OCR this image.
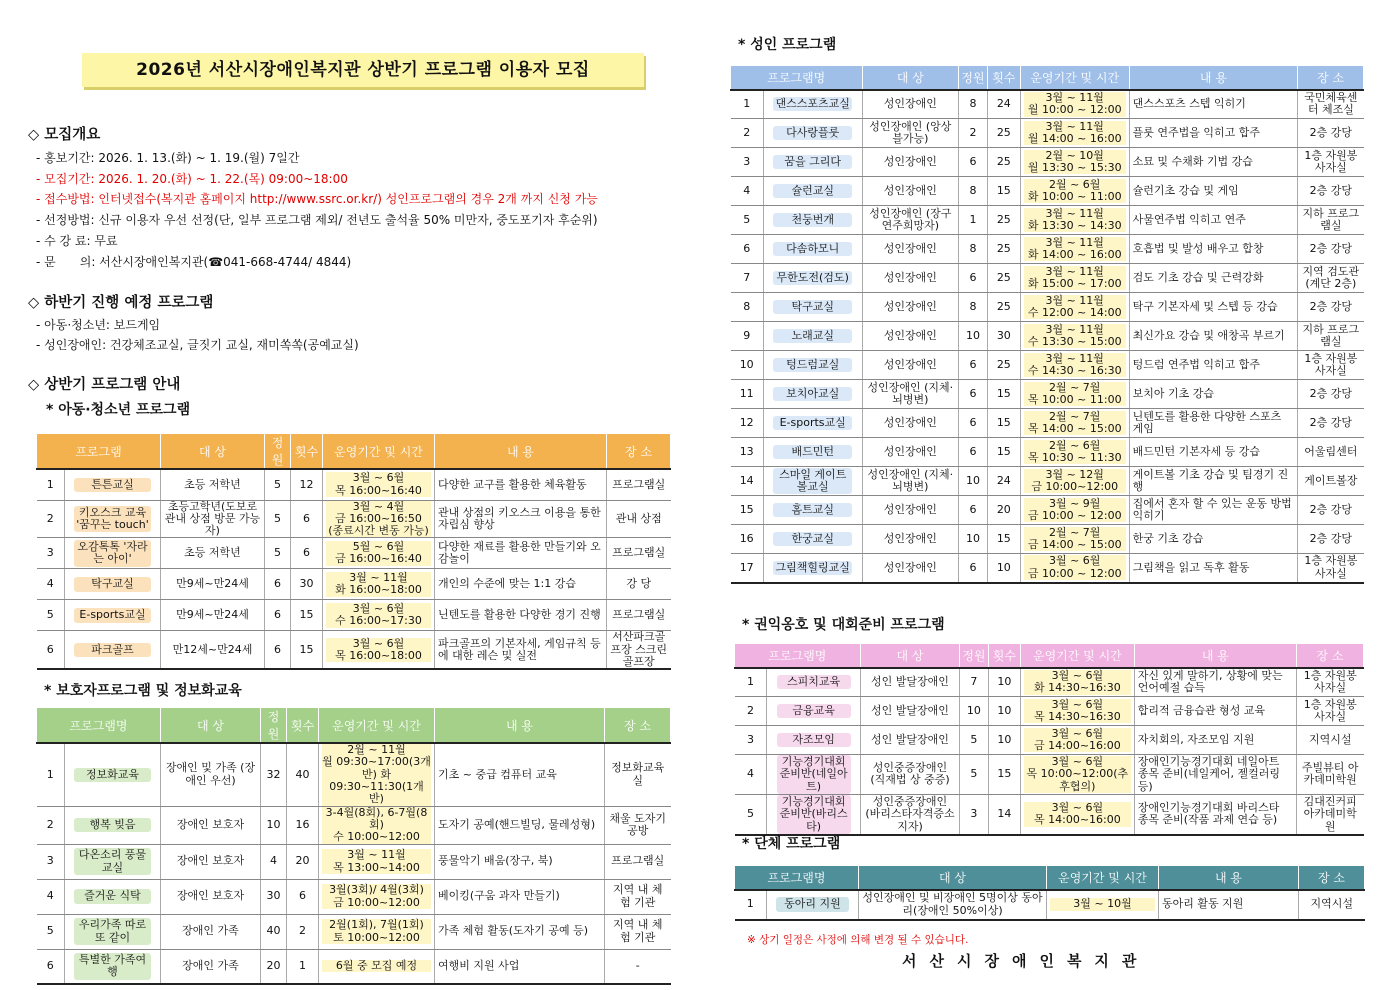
2026년 서산시장애인복지관 상반기 프로그램 이용자 모집
◇ 모집개요
- 홍보기간: 2026. 1. 13.(화) ~ 1. 19.(월) 7일간
- 모집기간: 2026. 1. 20.(화) ~ 1. 22.(목) 09:00~18:00
- 접수방법: 인터넷접수(복지관 홈페이지 http://www.ssrc.or.kr/) 성인프로그램의 경우 2개 까지 신청 가능
- 선정방법: 신규 이용자 우선 선정(단, 일부 프로그램 제외/ 전년도 출석율 50% 미만자, 중도포기자 후순위)
- 수 강 료: 무료
- 문　　의: 서산시장애인복지관(☎041-668-4744/ 4844)
◇ 하반기 진행 예정 프로그램
- 아동·청소년: 보드게임
- 성인장애인: 건강체조교실, 글짓기 교실, 재미쏙쏙(공예교실)
◇ 상반기 프로그램 안내
* 아동·청소년 프로그램
프로그램		대 상	정원	횟수	운영기간 및 시간	내 용	장 소
1	튼튼교실	초등 저학년	5	12	3월 ~ 6월
목 16:00~16:40	다양한 교구를 활용한 체육활동	프로그램실
2	키오스크 교육 '꿈꾸는 touch'	초등고학년(도보로 관내 상점 방문 가능자)	5	6	3월 ~ 4월
금 16:00~16:50 (종료시간 변동 가능)	관내 상점의 키오스크 이용을 통한 자립심 향상	관내 상점
3	오감톡톡 '자라는 아이'	초등 저학년	5	6	5월 ~ 6월
금 16:00~16:40	다양한 재료를 활용한 만들기와 오감놀이	프로그램실
4	탁구교실	만9세~만24세	6	30	3월 ~ 11월
화 16:00~18:00	개인의 수준에 맞는 1:1 강습	강 당
5	E-sports교실	만9세~만24세	6	15	3월 ~ 6월
수 16:00~17:30	닌텐도를 활용한 다양한 경기 진행	프로그램실
6	파크골프	만12세~만24세	6	15	3월 ~ 6월
목 16:00~18:00	파크골프의 기본자세, 게임규칙 등에 대한 레슨 및 실전	서산파크골프장 스크린골프장
* 보호자프로그램 및 정보화교육
프로그램명		대 상	정원	횟수	운영기간 및 시간	내 용	장 소
1	정보화교육	장애인 및 가족 (장애인 우선)	32	40	2월 ~ 11월
월 09:30~17:00(3개반) 화 09:30~11:30(1개반)	기초 ~ 중급 컴퓨터 교육	정보화교육실
2	행복 빚음	장애인 보호자	10	16	3-4월(8회), 6-7월(8회)
수 10:00~12:00	도자기 공예(핸드빌딩, 물레성형)	채울 도자기공방
3	다온소리 풍물교실	장애인 보호자	4	20	3월 ~ 11월
목 13:00~14:00	풍물악기 배움(장구, 북)	프로그램실
4	즐거운 식탁	장애인 보호자	30	6	3월(3회)/ 4월(3회)
금 10:00~12:00	베이킹(구움 과자 만들기)	지역 내 체험 기관
5	우리가족 따로 또 같이	장애인 가족	40	2	2월(1회), 7월(1회)
토 10:00~12:00	가족 체험 활동(도자기 공예 등)	지역 내 체험 기관
6	특별한 가족여행	장애인 가족	20	1	6월 중 모집 예정	여행비 지원 사업	-
* 성인 프로그램
프로그램명		대 상	정원	횟수	운영기간 및 시간	내 용	장 소
1	댄스스포츠교실	성인장애인	8	24	3월 ~ 11월
월 10:00 ~ 12:00	댄스스포츠 스텝 익히기	국민체육센터 체조실
2	다사랑플룻	성인장애인 (앙상블가능)	2	25	3월 ~ 11월
월 14:00 ~ 16:00	플룻 연주법을 익히고 합주	2층 강당
3	꿈을 그리다	성인장애인	6	25	2월 ~ 10월
월 13:30 ~ 15:30	소묘 및 수채화 기법 강습	1층 자원봉사자실
4	슐런교실	성인장애인	8	15	2월 ~ 6월
화 10:00 ~ 11:00	슐런기초 강습 및 게임	2층 강당
5	천둥번개	성인장애인 (장구연주희망자)	1	25	3월 ~ 11월
화 13:30 ~ 14:30	사물연주법 익히고 연주	지하 프로그램실
6	다솜하모니	성인장애인	8	25	3월 ~ 11월
화 14:00 ~ 16:00	호흡법 및 발성 배우고 합창	2층 강당
7	무한도전(검도)	성인장애인	6	25	3월 ~ 11월
화 15:00 ~ 17:00	검도 기초 강습 및 근력강화	지역 검도관 (계단 2층)
8	탁구교실	성인장애인	8	25	3월 ~ 11월
수 12:00 ~ 14:00	탁구 기본자세 및 스텝 등 강습	2층 강당
9	노래교실	성인장애인	10	30	3월 ~ 11월
수 13:30 ~ 15:00	최신가요 강습 및 애창곡 부르기	지하 프로그램실
10	텅드럼교실	성인장애인	6	25	3월 ~ 11월
수 14:30 ~ 16:30	텅드럼 연주법 익히고 합주	1층 자원봉사자실
11	보치아교실	성인장애인 (지체·뇌병변)	6	15	2월 ~ 7월
목 10:00 ~ 11:00	보치아 기초 강습	2층 강당
12	E-sports교실	성인장애인	6	15	2월 ~ 7월
목 14:00 ~ 15:00	닌텐도를 활용한 다양한 스포츠 게임	2층 강당
13	배드민턴	성인장애인	6	15	2월 ~ 6월
목 10:30 ~ 11:30	배드민턴 기본자세 등 강습	어울림센터
14	스마일 게이트볼교실	성인장애인 (지체·뇌병변)	10	24	3월 ~ 12월
금 10:00~12:00	게이트볼 기초 강습 및 팀경기 진행	게이트볼장
15	홈트교실	성인장애인	6	20	3월 ~ 9월
금 10:00 ~ 12:00	집에서 혼자 할 수 있는 운동 방법 익히기	2층 강당
16	한궁교실	성인장애인	10	15	2월 ~ 7월
금 14:00 ~ 15:00	한궁 기초 강습	2층 강당
17	그림책힐링교실	성인장애인	6	10	3월 ~ 6월
금 10:00 ~ 12:00	그림책을 읽고 독후 활동	1층 자원봉사자실
* 권익옹호 및 대회준비 프로그램
프로그램명		대 상	정원	횟수	운영기간 및 시간	내 용	장 소
1	스피치교육	성인 발달장애인	7	10	3월 ~ 6월
화 14:30~16:30	자신 있게 말하기, 상황에 맞는 언어예절 습득	1층 자원봉사자실
2	금융교육	성인 발달장애인	10	10	3월 ~ 6월
목 14:30~16:30	합리적 금융습관 형성 교육	1층 자원봉사자실
3	자조모임	성인 발달장애인	5	10	3월 ~ 6월
금 14:00~16:00	자치회의, 자조모임 지원	지역시설
4	기능경기대회 준비반(네일아트)	성인중증장애인 (직재법 상 중증)	5	15	3월 ~ 6월
목 10:00~12:00(추후협의)	장애인기능경기대회 네일아트 종목 준비(네일케어, 젤컬러링 등)	주빌뷰티 아카데미학원
5	기능경기대회 준비반(바리스타)	성인중증장애인 (바리스타자격증소지자)	3	14	3월 ~ 6월
목 14:00~16:00	장애인기능경기대회 바리스타 종목 준비(작품 과제 연습 등)	김대진커피 아카데미학원
* 단체 프로그램
프로그램명		대 상	운영기간 및 시간	내 용	장 소
1	동아리 지원	성인장애인 및 비장애인 5명이상 동아리(장애인 50%이상)	3월 ~ 10월	동아리 활동 지원	지역시설
※ 상기 일정은 사정에 의해 변경 될 수 있습니다.
서산시장애인복지관
